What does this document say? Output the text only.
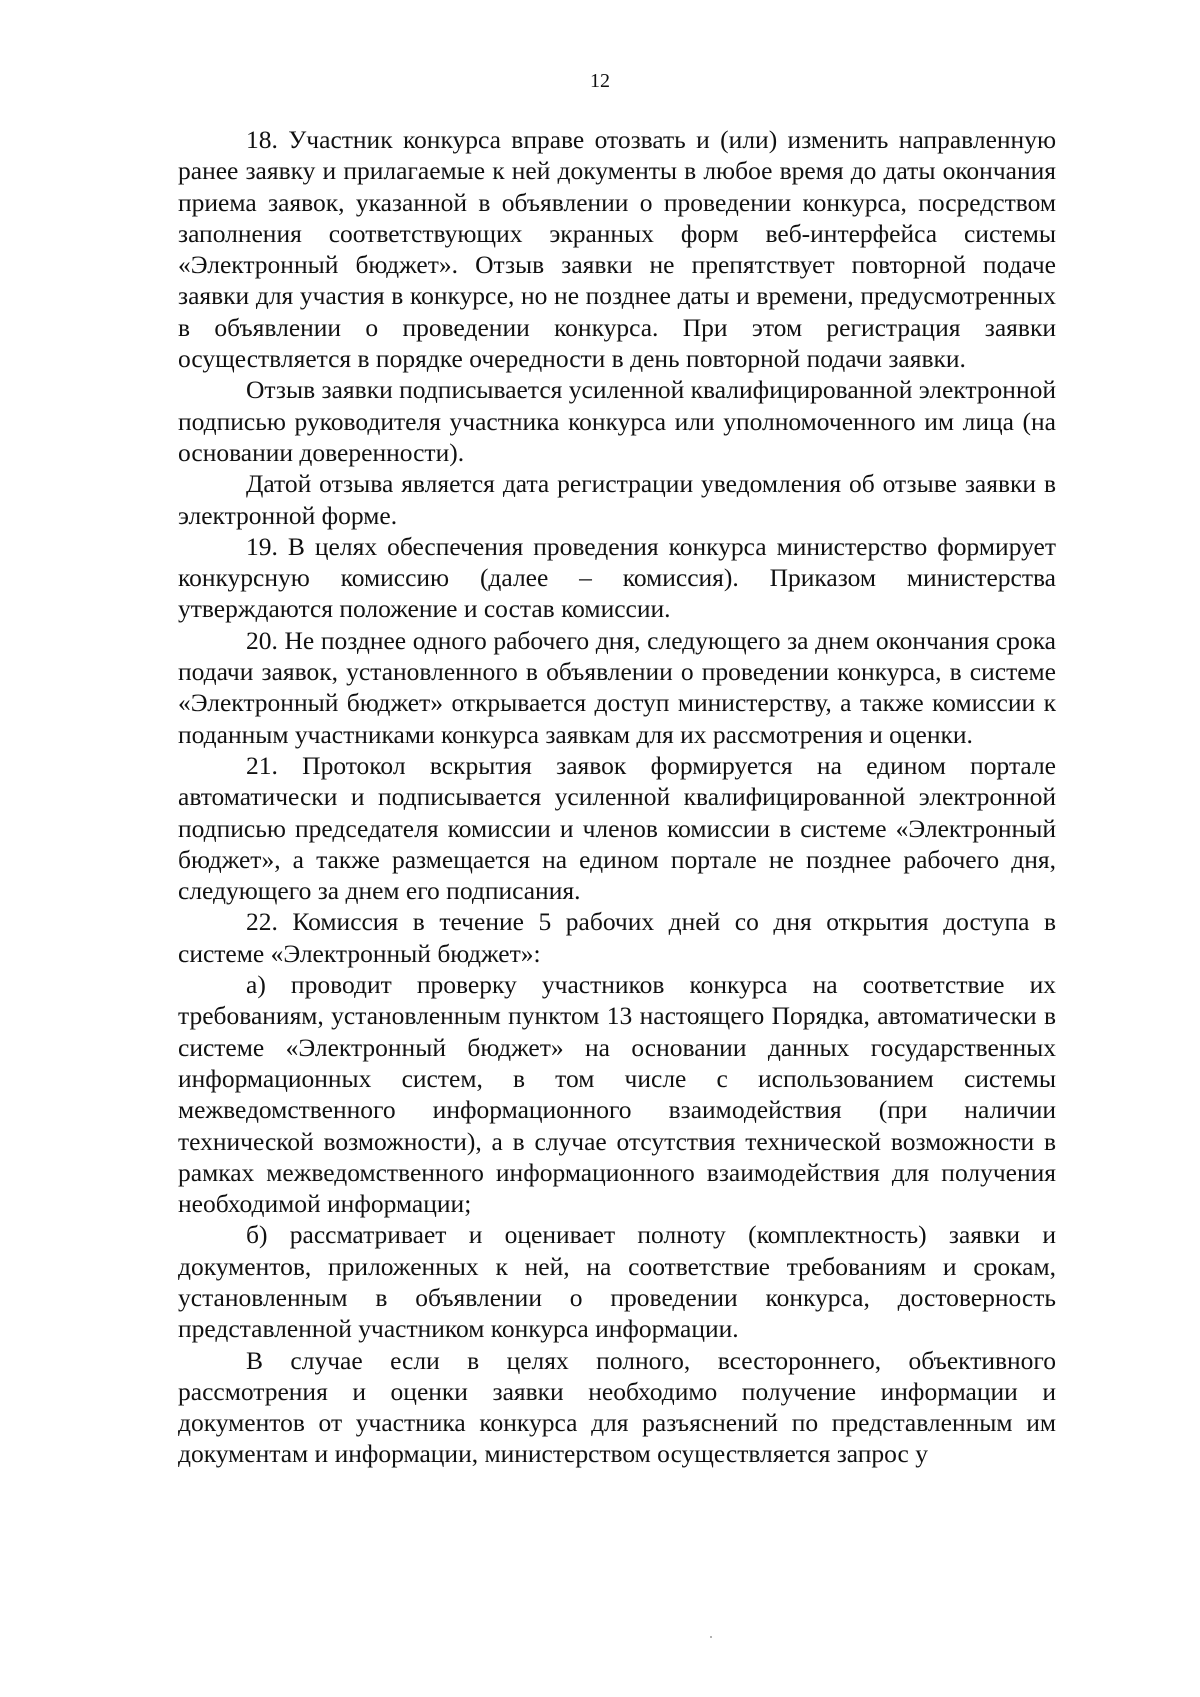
12

18. Участник конкурса вправе отозвать и (или) изменить направленную ранее заявку и прилагаемые к ней документы в любое время до даты окончания приема заявок, указанной в объявлении о проведении конкурса, посредством заполнения соответствующих экранных форм веб-интерфейса системы «Электронный бюджет». Отзыв заявки не препятствует повторной подаче заявки для участия в конкурсе, но не позднее даты и времени, предусмотренных в объявлении о проведении конкурса. При этом регистрация заявки осуществляется в порядке очередности в день повторной подачи заявки.

Отзыв заявки подписывается усиленной квалифицированной электронной подписью руководителя участника конкурса или уполномоченного им лица (на основании доверенности).

Датой отзыва является дата регистрации уведомления об отзыве заявки в электронной форме.

19. В целях обеспечения проведения конкурса министерство формирует конкурсную комиссию (далее – комиссия). Приказом министерства утверждаются положение и состав комиссии.

20. Не позднее одного рабочего дня, следующего за днем окончания срока подачи заявок, установленного в объявлении о проведении конкурса, в системе «Электронный бюджет» открывается доступ министерству, а также комиссии к поданным участниками конкурса заявкам для их рассмотрения и оценки.

21. Протокол вскрытия заявок формируется на едином портале автоматически и подписывается усиленной квалифицированной электронной подписью председателя комиссии и членов комиссии в системе «Электронный бюджет», а также размещается на едином портале не позднее рабочего дня, следующего за днем его подписания.

22. Комиссия в течение 5 рабочих дней со дня открытия доступа в системе «Электронный бюджет»:

а) проводит проверку участников конкурса на соответствие их требованиям, установленным пунктом 13 настоящего Порядка, автоматически в системе «Электронный бюджет» на основании данных государственных информационных систем, в том числе с использованием системы межведомственного информационного взаимодействия (при наличии технической возможности), а в случае отсутствия технической возможности в рамках межведомственного информационного взаимодействия для получения необходимой информации;

б) рассматривает и оценивает полноту (комплектность) заявки и документов, приложенных к ней, на соответствие требованиям и срокам, установленным в объявлении о проведении конкурса, достоверность представленной участником конкурса информации.

В случае если в целях полного, всестороннего, объективного рассмотрения и оценки заявки необходимо получение информации и документов от участника конкурса для разъяснений по представленным им документам и информации, министерством осуществляется запрос у
